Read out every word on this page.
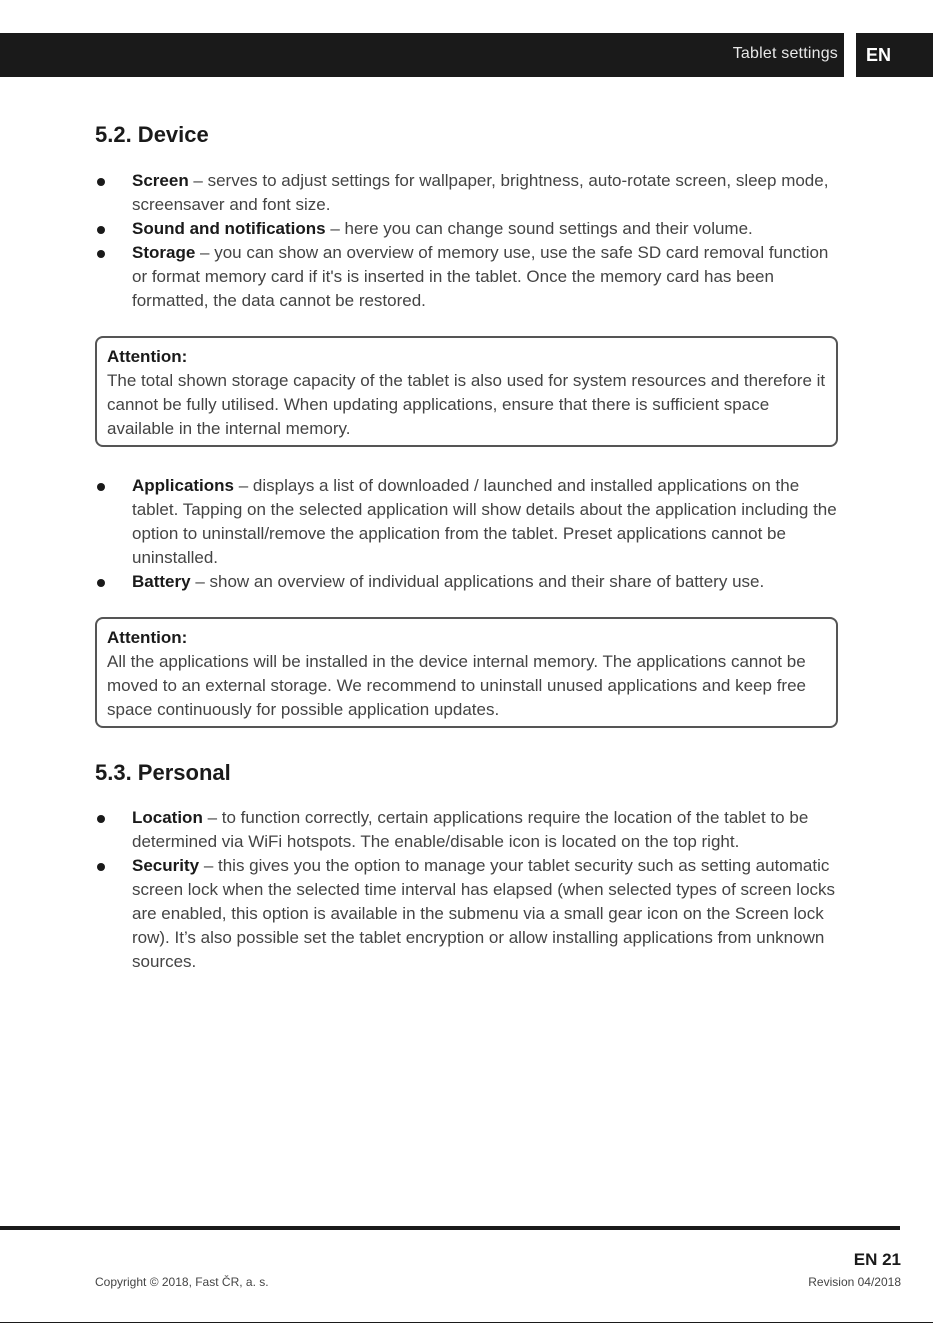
Tablet settings	EN
5.2. Device
Screen – serves to adjust settings for wallpaper, brightness, auto-rotate screen, sleep mode, screensaver and font size.
Sound and notifications – here you can change sound settings and their volume.
Storage – you can show an overview of memory use, use the safe SD card removal function or format memory card if it's is inserted in the tablet. Once the memory card has been formatted, the data cannot be restored.
Attention:
The total shown storage capacity of the tablet is also used for system resources and therefore it cannot be fully utilised. When updating applications, ensure that there is sufficient space available in the internal memory.
Applications – displays a list of downloaded / launched and installed applications on the tablet. Tapping on the selected application will show details about the application including the option to uninstall/remove the application from the tablet. Preset applications cannot be uninstalled.
Battery – show an overview of individual applications and their share of battery use.
Attention:
All the applications will be installed in the device internal memory. The applications cannot be moved to an external storage. We recommend to uninstall unused applications and keep free space continuously for possible application updates.
5.3. Personal
Location – to function correctly, certain applications require the location of the tablet to be determined via WiFi hotspots. The enable/disable icon is located on the top right.
Security – this gives you the option to manage your tablet security such as setting automatic screen lock when the selected time interval has elapsed (when selected types of screen locks are enabled, this option is available in the submenu via a small gear icon on the Screen lock row). It’s also possible set the tablet encryption or allow installing applications from unknown sources.
EN 21
Copyright © 2018, Fast ČR, a. s.	Revision 04/2018
